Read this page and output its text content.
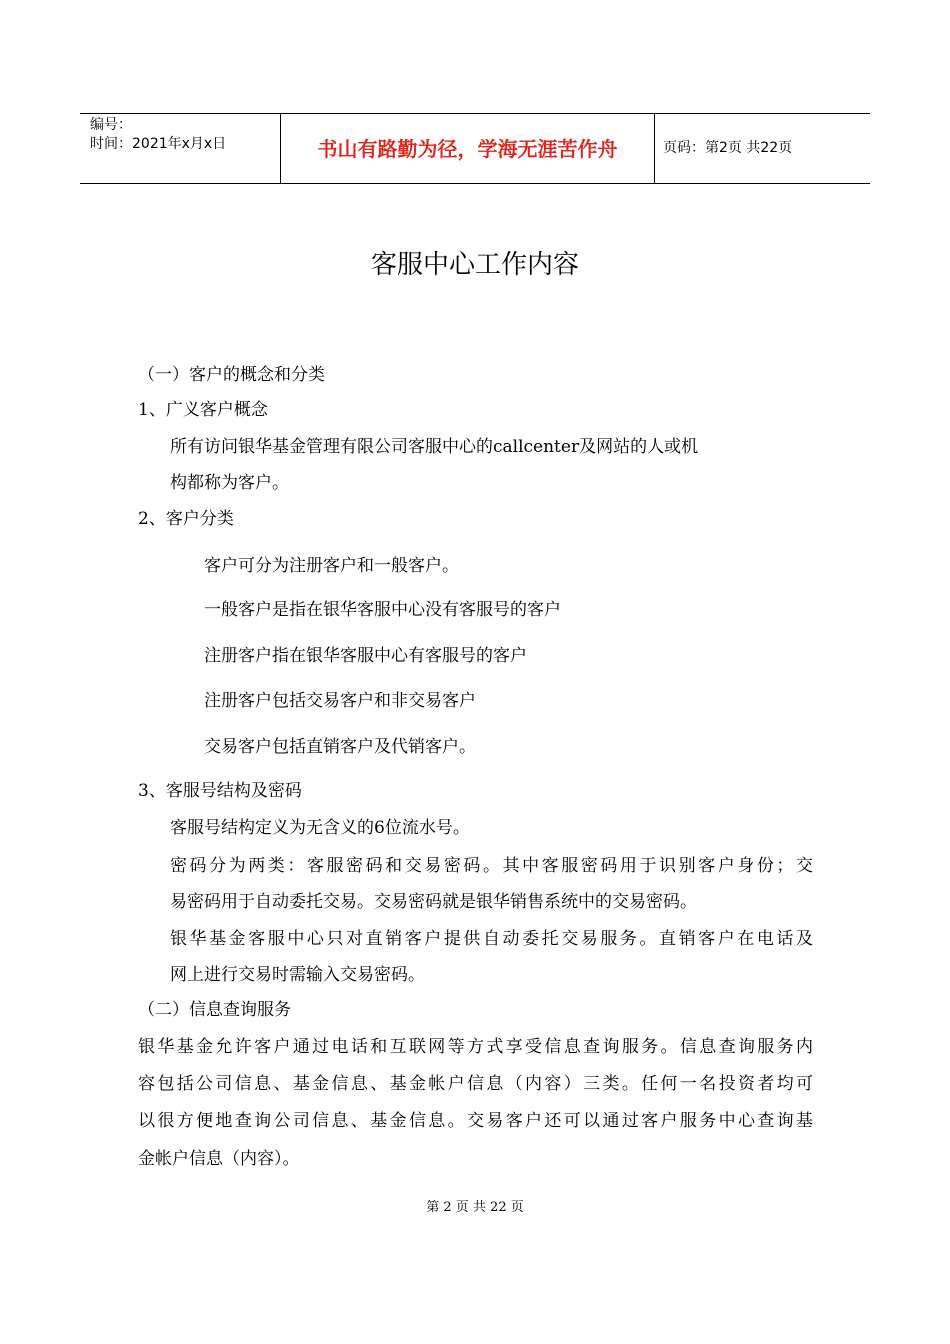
编号：
时间：2021年x月x日	书山有路勤为径，学海无涯苦作舟	页码：第2页 共22页
客服中心工作内容
（一）客户的概念和分类
1、广义客户概念
所有访问银华基金管理有限公司客服中心的callcenter及网站的人或机
构都称为客户。
2、客户分类
客户可分为注册客户和一般客户。
一般客户是指在银华客服中心没有客服号的客户
注册客户指在银华客服中心有客服号的客户
注册客户包括交易客户和非交易客户
交易客户包括直销客户及代销客户。
3、客服号结构及密码
客服号结构定义为无含义的6位流水号。
密码分为两类：客服密码和交易密码。其中客服密码用于识别客户身份；交
易密码用于自动委托交易。交易密码就是银华销售系统中的交易密码。
银华基金客服中心只对直销客户提供自动委托交易服务。直销客户在电话及
网上进行交易时需输入交易密码。
（二）信息查询服务
银华基金允许客户通过电话和互联网等方式享受信息查询服务。信息查询服务内
容包括公司信息、基金信息、基金帐户信息（内容）三类。任何一名投资者均可
以很方便地查询公司信息、基金信息。交易客户还可以通过客户服务中心查询基
金帐户信息（内容）。
第 2 页 共 22 页
